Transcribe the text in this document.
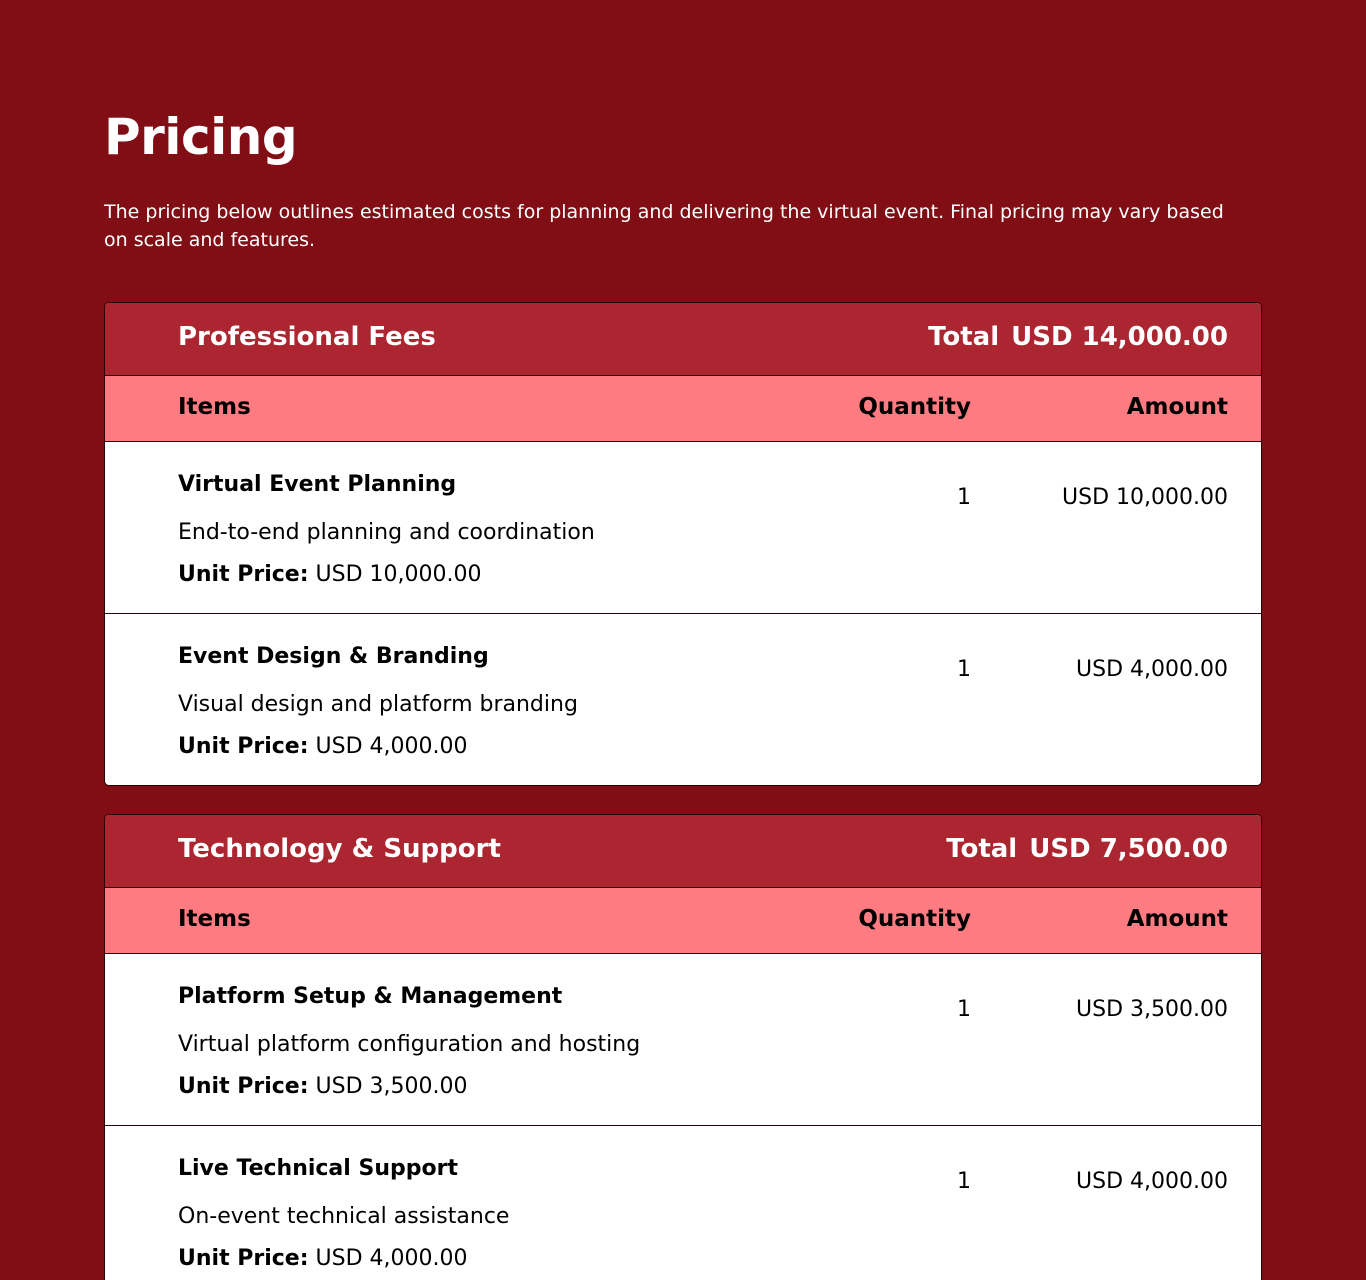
Pricing

The pricing below outlines estimated costs for planning and delivering the virtual event. Final pricing may vary based on scale and features.

Professional Fees	Total USD 14,000.00
Items	Quantity	Amount
Virtual Event Planning
End-to-end planning and coordination
Unit Price: USD 10,000.00
1	USD 10,000.00
Event Design & Branding
Visual design and platform branding
Unit Price: USD 4,000.00
1	USD 4,000.00
Technology & Support	Total USD 7,500.00
Items	Quantity	Amount
Platform Setup & Management
Virtual platform configuration and hosting
Unit Price: USD 3,500.00
1	USD 3,500.00
Live Technical Support
On-event technical assistance
Unit Price: USD 4,000.00
1	USD 4,000.00
